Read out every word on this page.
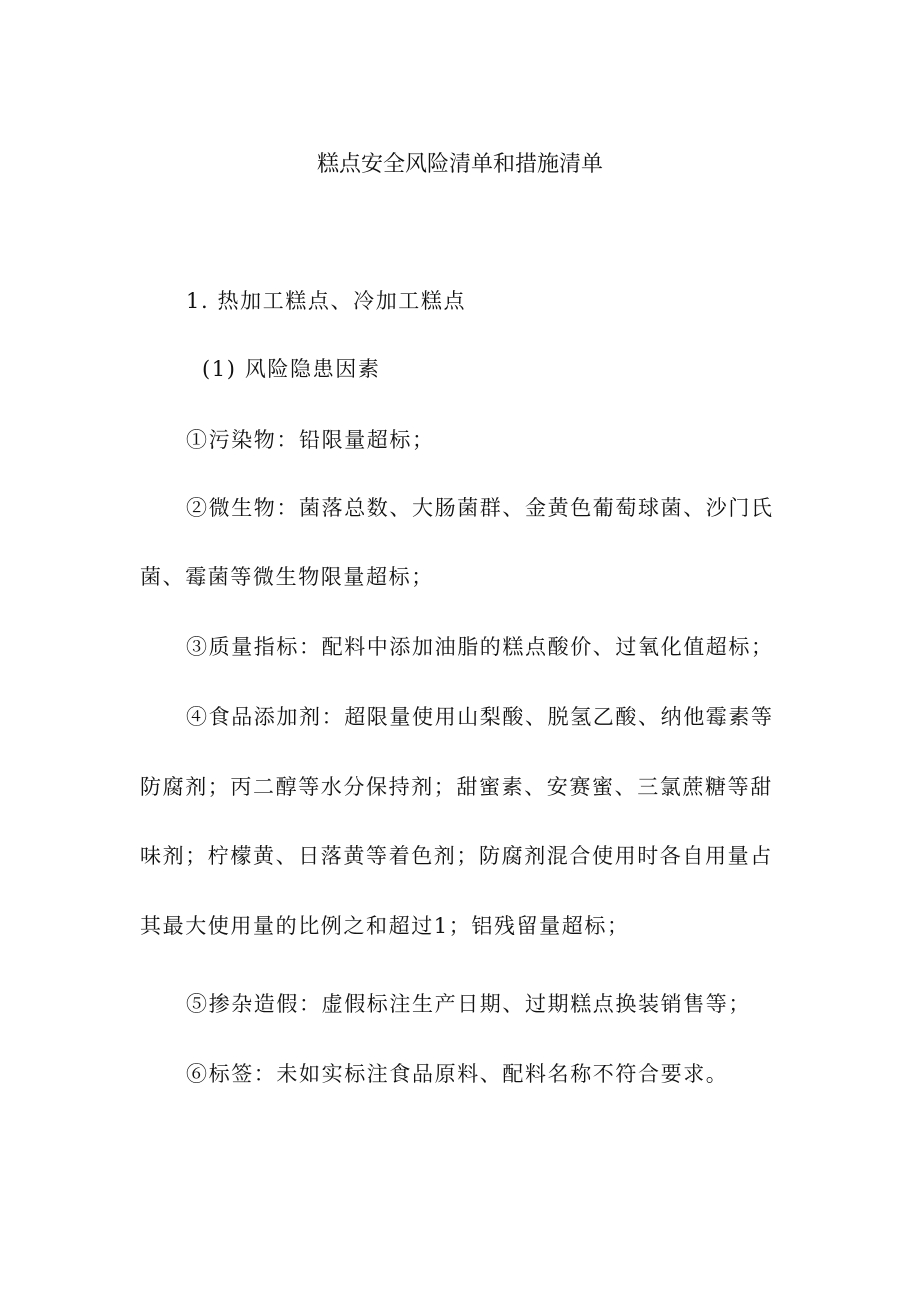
糕点安全风险清单和措施清单
1. 热加工糕点、冷加工糕点
(1) 风险隐患因素
①污染物：铅限量超标；
②微生物：菌落总数、大肠菌群、金黄色葡萄球菌、沙门氏
菌、霉菌等微生物限量超标；
③质量指标：配料中添加油脂的糕点酸价、过氧化值超标；
④食品添加剂：超限量使用山梨酸、脱氢乙酸、纳他霉素等
防腐剂；丙二醇等水分保持剂；甜蜜素、安赛蜜、三氯蔗糖等甜
味剂；柠檬黄、日落黄等着色剂；防腐剂混合使用时各自用量占
其最大使用量的比例之和超过1；铝残留量超标；
⑤掺杂造假：虚假标注生产日期、过期糕点换装销售等；
⑥标签：未如实标注食品原料、配料名称不符合要求。
